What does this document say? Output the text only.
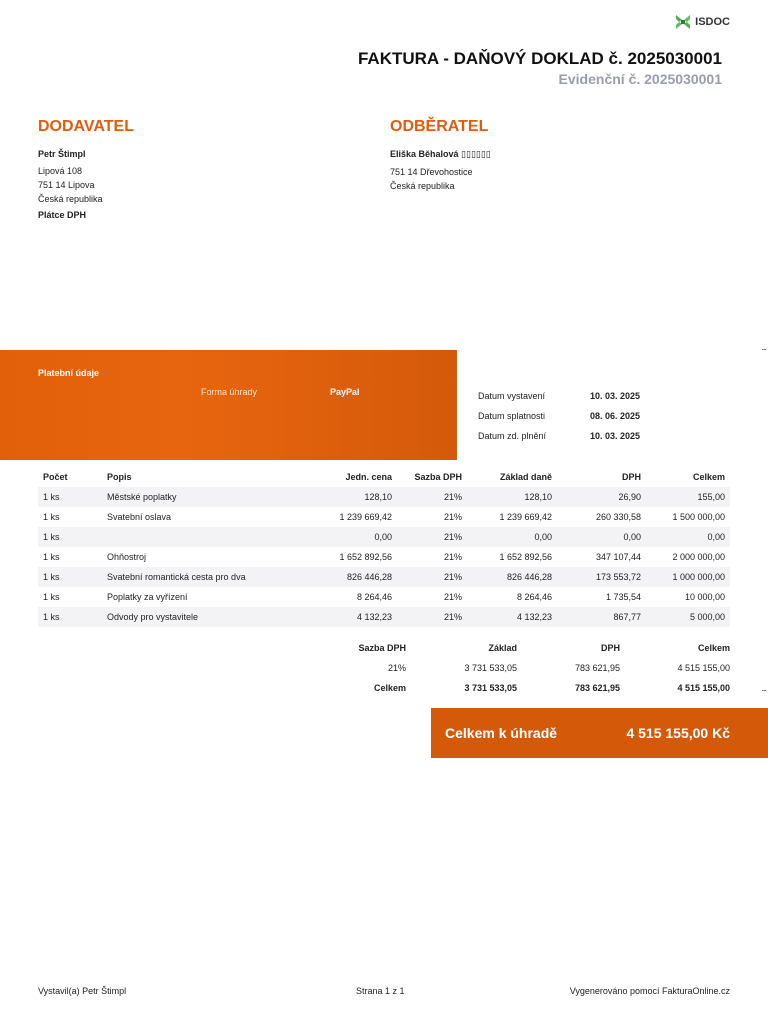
ISDOC
FAKTURA - DAŇOVÝ DOKLAD č. 2025030001
Evidenční č. 2025030001
DODAVATEL
Petr Štimpl
Lipová 108
751 14 Lipova
Česká republika
Plátce DPH
ODBĚRATEL
Eliška Běhalová ▯▯▯▯▯▯
751 14 Dřevohostice
Česká republika
Platební údaje
Forma úhrady	PayPal	Datum vystavení	10. 03. 2025
Datum splatnosti	08. 06. 2025
Datum zd. plnění	10. 03. 2025
...
...
Počet	Popis	Jedn. cena	Sazba DPH	Základ daně	DPH	Celkem
1 ks	Městské poplatky	128,10	21%	128,10	26,90	155,00
1 ks	Svatební oslava	1 239 669,42	21%	1 239 669,42	260 330,58	1 500 000,00
1 ks		0,00	21%	0,00	0,00	0,00
1 ks	Ohňostroj	1 652 892,56	21%	1 652 892,56	347 107,44	2 000 000,00
1 ks	Svatební romantická cesta pro dva	826 446,28	21%	826 446,28	173 553,72	1 000 000,00
1 ks	Poplatky za vyřízení	8 264,46	21%	8 264,46	1 735,54	10 000,00
1 ks	Odvody pro vystavitele	4 132,23	21%	4 132,23	867,77	5 000,00
Sazba DPH	Základ	DPH	Celkem
21%	3 731 533,05	783 621,95	4 515 155,00
Celkem	3 731 533,05	783 621,95	4 515 155,00
Celkem k úhradě	4 515 155,00 Kč
Vystavil(a) Petr Štimpl	Strana 1 z 1	Vygenerováno pomocí FakturaOnline.cz
